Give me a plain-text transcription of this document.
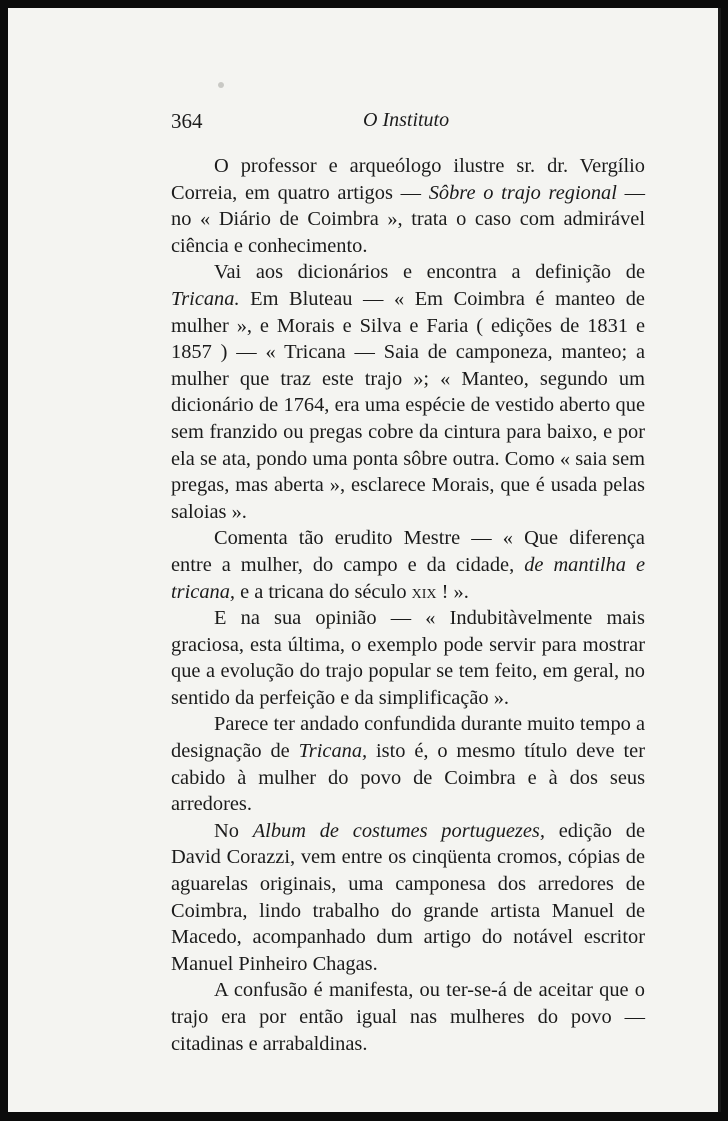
364	O Instituto

O professor e arqueólogo ilustre sr. dr. Vergílio Correia, em quatro artigos — Sôbre o trajo regional — no « Diário de Coimbra », trata o caso com admirável ciência e conhecimento.

Vai aos dicionários e encontra a definição de Tricana. Em Bluteau — « Em Coimbra é manteo de mulher », e Morais e Silva e Faria ( edições de 1831 e 1857 ) — « Tricana — Saia de camponeza, manteo; a mulher que traz este trajo »; « Manteo, segundo um dicionário de 1764, era uma espécie de vestido aberto que sem franzido ou pregas cobre da cintura para baixo, e por ela se ata, pondo uma ponta sôbre outra. Como « saia sem pregas, mas aberta », esclarece Morais, que é usada pelas saloias ».

Comenta tão erudito Mestre — « Que diferença entre a mulher, do campo e da cidade, de mantilha e tricana, e a tricana do século xix ! ».

E na sua opinião — « Indubitàvelmente mais graciosa, esta última, o exemplo pode servir para mostrar que a evolução do trajo popular se tem feito, em geral, no sentido da perfeição e da simplificação ».

Parece ter andado confundida durante muito tempo a designação de Tricana, isto é, o mesmo título deve ter cabido à mulher do povo de Coimbra e à dos seus arredores.

No Album de costumes portuguezes, edição de David Corazzi, vem entre os cinqüenta cromos, cópias de aguarelas originais, uma camponesa dos arredores de Coimbra, lindo trabalho do grande artista Manuel de Macedo, acompanhado dum artigo do notável escritor Manuel Pinheiro Chagas.

A confusão é manifesta, ou ter-se-á de aceitar que o trajo era por então igual nas mulheres do povo — citadinas e arrabaldinas.
